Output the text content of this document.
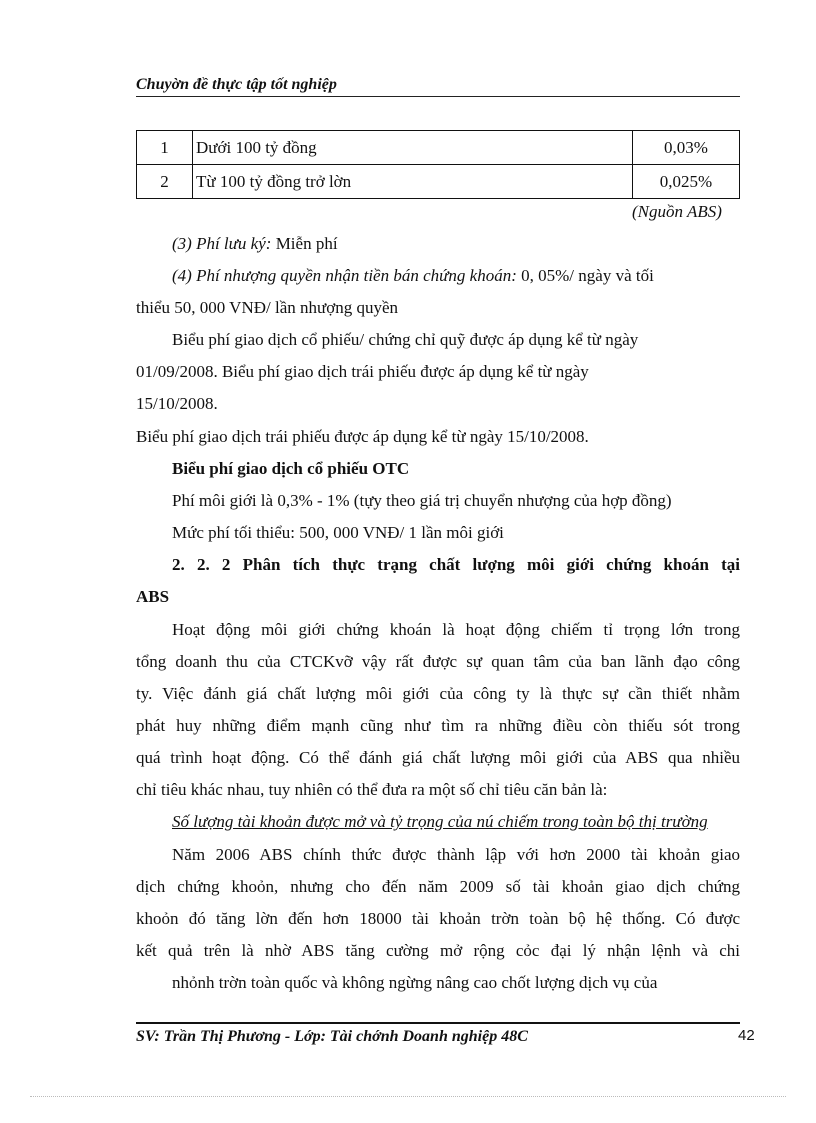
Chuyờn đề thực tập tốt nghiệp
1	Dưới 100 tỷ đồng	0,03%
2	Từ 100 tỷ đồng trở lờn	0,025%
(Nguồn ABS)
(3) Phí lưu ký: Miễn phí
(4) Phí nhượng quyền nhận tiền bán chứng khoán: 0, 05%/ ngày và tối
thiểu 50, 000 VNĐ/ lần nhượng quyền
Biểu phí giao dịch cổ phiếu/ chứng chỉ quỹ được áp dụng kể từ ngày
01/09/2008. Biểu phí giao dịch trái phiếu được áp dụng kể từ ngày
15/10/2008.
Biểu phí giao dịch trái phiếu được áp dụng kể từ ngày 15/10/2008.
Biểu phí giao dịch cổ phiếu OTC
Phí môi giới là 0,3% - 1% (tựy theo giá trị chuyển nhượng của hợp đồng)
Mức phí tối thiểu: 500, 000 VNĐ/ 1 lần môi giới
2. 2. 2 Phân tích thực trạng chất lượng môi giới chứng khoán tại
ABS
Hoạt động môi giới chứng khoán là hoạt động chiếm tỉ trọng lớn trong
tổng doanh thu của CTCKvỡ vậy rất được sự quan tâm của ban lãnh đạo công
ty. Việc đánh giá chất lượng môi giới của công ty là thực sự cần thiết nhằm
phát huy những điểm mạnh cũng như tìm ra những điều còn thiếu sót trong
quá trình hoạt động. Có thể đánh giá chất lượng môi giới của ABS qua nhiều
chỉ tiêu khác nhau, tuy nhiên có thể đưa ra một số chỉ tiêu căn bản là:
Số lượng tài khoản được mở và tỷ trọng của nú chiếm trong toàn bộ thị trường
Năm 2006 ABS chính thức được thành lập với hơn 2000 tài khoản giao
dịch chứng khoỏn, nhưng cho đến năm 2009 số tài khoản giao dịch chứng
khoỏn đó tăng lờn đến hơn 18000 tài khoản trờn toàn bộ hệ thống. Có được
kết quả trên là nhờ ABS tăng cường mở rộng cỏc đại lý nhận lệnh và chi
nhỏnh trờn toàn quốc và không ngừng nâng cao chốt lượng dịch vụ của
SV: Trần Thị Phương - Lớp: Tài chớnh Doanh nghiệp 48C	42
